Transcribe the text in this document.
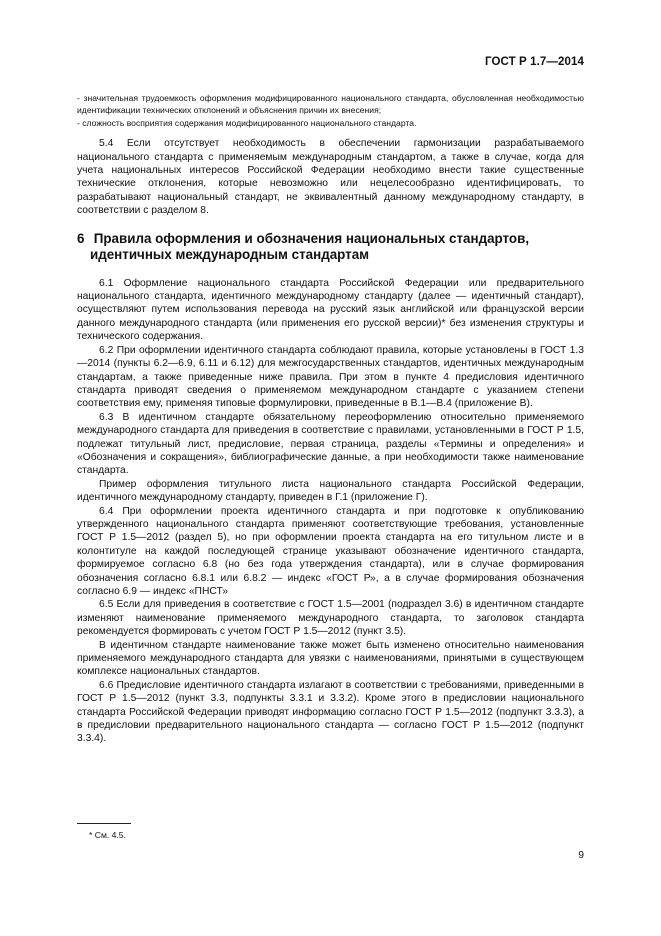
ГОСТ Р 1.7—2014

- значительная трудоемкость оформления модифицированного национального стандарта, обусловленная необходимостью идентификации технических отклонений и объяснения причин их внесения;

- сложность восприятия содержания модифицированного национального стандарта.

5.4 Если отсутствует необходимость в обеспечении гармонизации разрабатываемого национального стандарта с применяемым международным стандартом, а также в случае, когда для учета национальных интересов Российской Федерации необходимо внести такие существенные технические отклонения, которые невозможно или нецелесообразно идентифицировать, то разрабатывают национальный стандарт, не эквивалентный данному международному стандарту, в соответствии с разделом 8.

6 Правила оформления и обозначения национальных стандартов,
идентичных международным стандартам

6.1 Оформление национального стандарта Российской Федерации или предварительного национального стандарта, идентичного международному стандарту (далее — идентичный стандарт), осуществляют путем использования перевода на русский язык английской или французской версии данного международного стандарта (или применения его русской версии)* без изменения структуры и технического содержания.

6.2 При оформлении идентичного стандарта соблюдают правила, которые установлены в ГОСТ 1.3—2014 (пункты 6.2—6.9, 6.11 и 6.12) для межгосударственных стандартов, идентичных международным стандартам, а также приведенные ниже правила. При этом в пункте 4 предисловия идентичного стандарта приводят сведения о применяемом международном стандарте с указанием степени соответствия ему, применяя типовые формулировки, приведенные в В.1—В.4 (приложение В).

6.3 В идентичном стандарте обязательному переоформлению относительно применяемого международного стандарта для приведения в соответствие с правилами, установленными в ГОСТ Р 1.5, подлежат титульный лист, предисловие, первая страница, разделы «Термины и определения» и «Обозначения и сокращения», библиографические данные, а при необходимости также наименование стандарта.

Пример оформления титульного листа национального стандарта Российской Федерации, идентичного международному стандарту, приведен в Г.1 (приложение Г).

6.4 При оформлении проекта идентичного стандарта и при подготовке к опубликованию утвержденного национального стандарта применяют соответствующие требования, установленные ГОСТ Р 1.5—2012 (раздел 5), но при оформлении проекта стандарта на его титульном листе и в колонтитуле на каждой последующей странице указывают обозначение идентичного стандарта, формируемое согласно 6.8 (но без года утверждения стандарта), или в случае формирования обозначения согласно 6.8.1 или 6.8.2 — индекс «ГОСТ Р», а в случае формирования обозначения согласно 6.9 — индекс «ПНСТ»

6.5 Если для приведения в соответствие с ГОСТ 1.5—2001 (подраздел 3.6) в идентичном стандарте изменяют наименование применяемого международного стандарта, то заголовок стандарта рекомендуется формировать с учетом ГОСТ Р 1.5—2012 (пункт 3.5).

В идентичном стандарте наименование также может быть изменено относительно наименования применяемого международного стандарта для увязки с наименованиями, принятыми в существующем комплексе национальных стандартов.

6.6 Предисловие идентичного стандарта излагают в соответствии с требованиями, приведенными в ГОСТ Р 1.5—2012 (пункт 3.3, подпункты 3.3.1 и 3.3.2). Кроме этого в предисловии национального стандарта Российской Федерации приводят информацию согласно ГОСТ Р 1.5—2012 (подпункт 3.3.3), а в предисловии предварительного национального стандарта — согласно ГОСТ Р 1.5—2012 (подпункт 3.3.4).

* См. 4.5.
9
